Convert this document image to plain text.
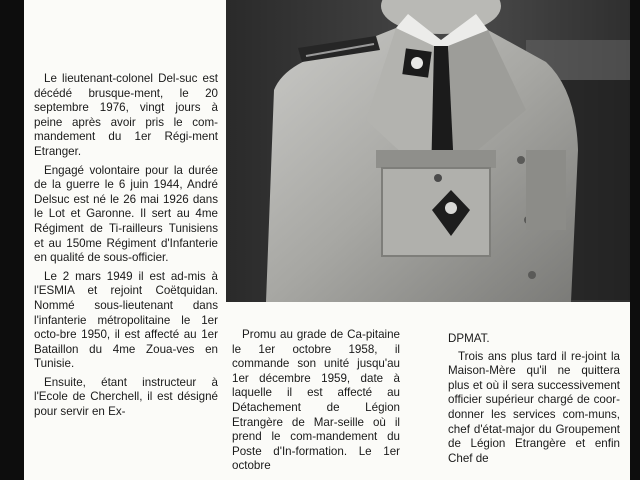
Le lieutenant-colonel Del-suc est décédé brusque-ment, le 20 septembre 1976, vingt jours à peine après avoir pris le com-mandement du 1er Régi-ment Etranger.

Engagé volontaire pour la durée de la guerre le 6 juin 1944, André Delsuc est né le 26 mai 1926 dans le Lot et Garonne. Il sert au 4me Régiment de Ti-railleurs Tunisiens et au 150me Régiment d'Infanterie en qualité de sous-officier.

Le 2 mars 1949 il est ad-mis à l'ESMIA et rejoint Coëtquidan. Nommé sous-lieutenant dans l'infanterie métropolitaine le 1er octo-bre 1950, il est affecté au 1er Bataillon du 4me Zoua-ves en Tunisie.

Ensuite, étant instructeur à l'Ecole de Cherchell, il est désigné pour servir en Ex-

Promu au grade de Ca-pitaine le 1er octobre 1958, il commande son unité jusqu'au 1er décembre 1959, date à laquelle il est affecté au Détachement de Légion Etrangère de Mar-seille où il prend le com-mandement du Poste d'In-formation. Le 1er octobre

DPMAT.

Trois ans plus tard il re-joint la Maison-Mère qu'il ne quittera plus et où il sera successivement officier supérieur chargé de coor-donner les services com-muns, chef d'état-major du Groupement de Légion Etrangère et enfin Chef de
